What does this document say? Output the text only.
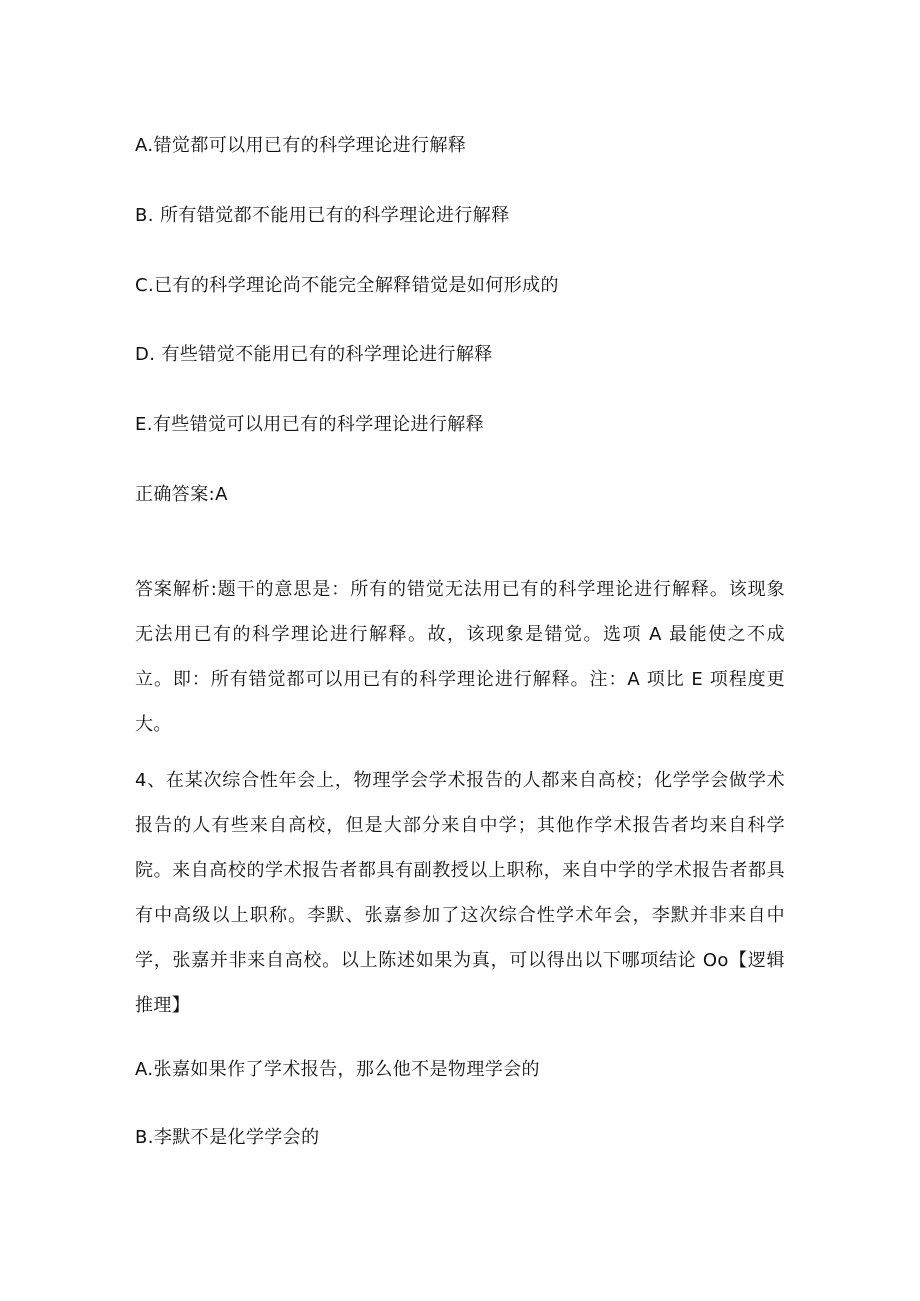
A.错觉都可以用已有的科学理论进行解释
B. 所有错觉都不能用已有的科学理论进行解释
C.已有的科学理论尚不能完全解释错觉是如何形成的
D. 有些错觉不能用已有的科学理论进行解释
E.有些错觉可以用已有的科学理论进行解释
正确答案:A
答案解析:题干的意思是：所有的错觉无法用已有的科学理论进行解释。该现象无法用已有的科学理论进行解释。故，该现象是错觉。选项 A 最能使之不成立。即：所有错觉都可以用已有的科学理论进行解释。注：A 项比 E 项程度更大。
4、在某次综合性年会上，物理学会学术报告的人都来自高校；化学学会做学术报告的人有些来自高校，但是大部分来自中学；其他作学术报告者均来自科学院。来自高校的学术报告者都具有副教授以上职称，来自中学的学术报告者都具有中高级以上职称。李默、张嘉参加了这次综合性学术年会，李默并非来自中学，张嘉并非来自高校。以上陈述如果为真，可以得出以下哪项结论 Oo【逻辑推理】
A.张嘉如果作了学术报告，那么他不是物理学会的
B.李默不是化学学会的
